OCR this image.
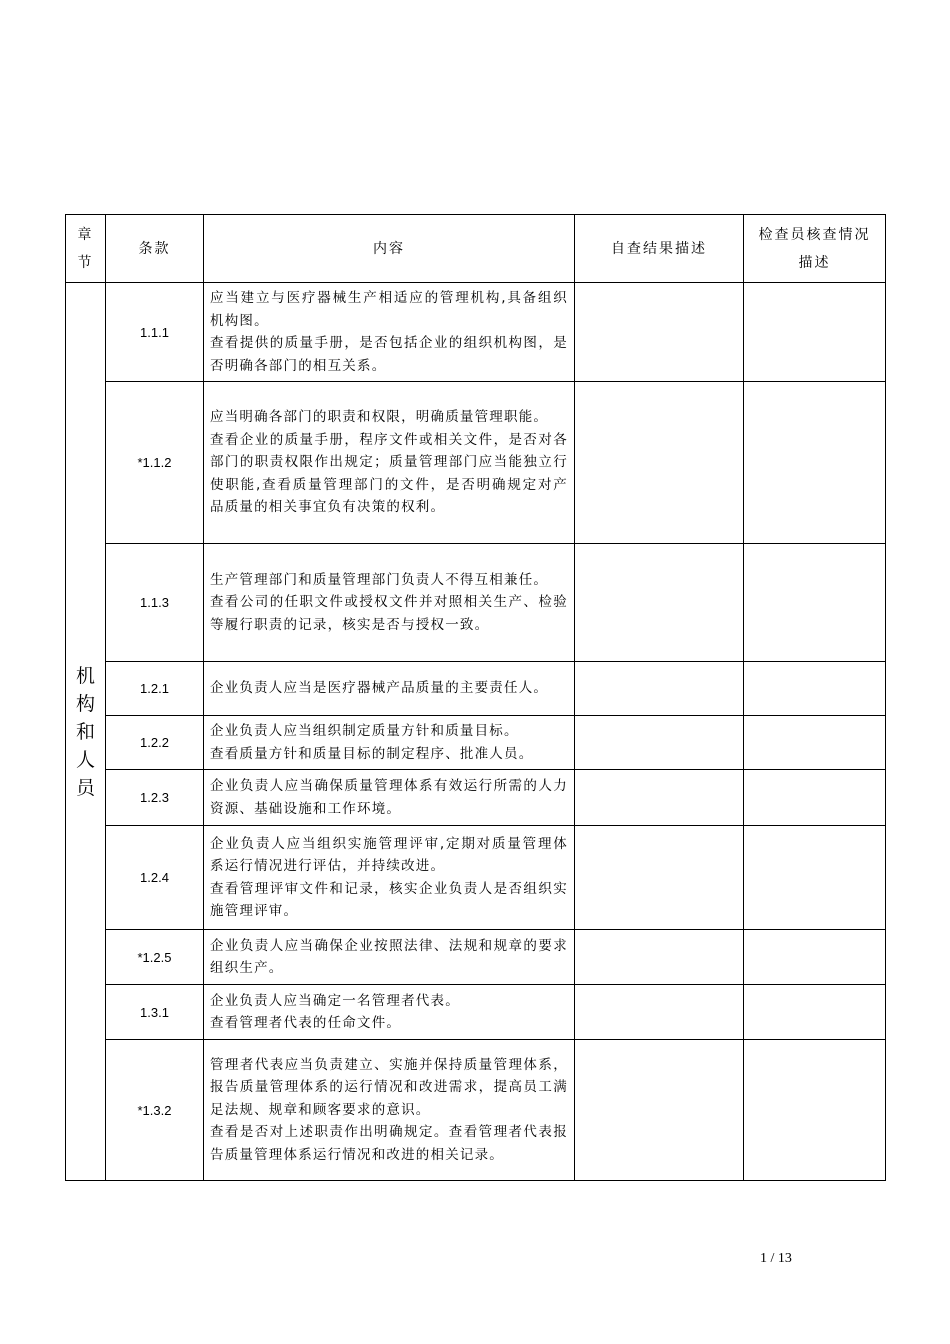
章节	条款	内容	自查结果描述	检查员核查情况描述
机构和人员	1.1.1	应当建立与医疗器械生产相适应的管理机构,具备组织机构图。

查看提供的质量手册，是否包括企业的组织机构图，是否明确各部门的相互关系。		

	*1.1.2	应当明确各部门的职责和权限，明确质量管理职能。

查看企业的质量手册，程序文件或相关文件，是否对各部门的职责权限作出规定；质量管理部门应当能独立行使职能,查看质量管理部门的文件，是否明确规定对产品质量的相关事宜负有决策的权利。		

	1.1.3	生产管理部门和质量管理部门负责人不得互相兼任。

查看公司的任职文件或授权文件并对照相关生产、检验等履行职责的记录，核实是否与授权一致。		

	1.2.1	企业负责人应当是医疗器械产品质量的主要责任人。		

	1.2.2	企业负责人应当组织制定质量方针和质量目标。

查看质量方针和质量目标的制定程序、批准人员。		

	1.2.3	企业负责人应当确保质量管理体系有效运行所需的人力资源、基础设施和工作环境。		

	1.2.4	企业负责人应当组织实施管理评审,定期对质量管理体系运行情况进行评估，并持续改进。

查看管理评审文件和记录，核实企业负责人是否组织实施管理评审。		

	*1.2.5	企业负责人应当确保企业按照法律、法规和规章的要求组织生产。		

	1.3.1	企业负责人应当确定一名管理者代表。

查看管理者代表的任命文件。		

	*1.3.2	管理者代表应当负责建立、实施并保持质量管理体系，报告质量管理体系的运行情况和改进需求，提高员工满足法规、规章和顾客要求的意识。

查看是否对上述职责作出明确规定。查看管理者代表报告质量管理体系运行情况和改进的相关记录。		

1 / 13
